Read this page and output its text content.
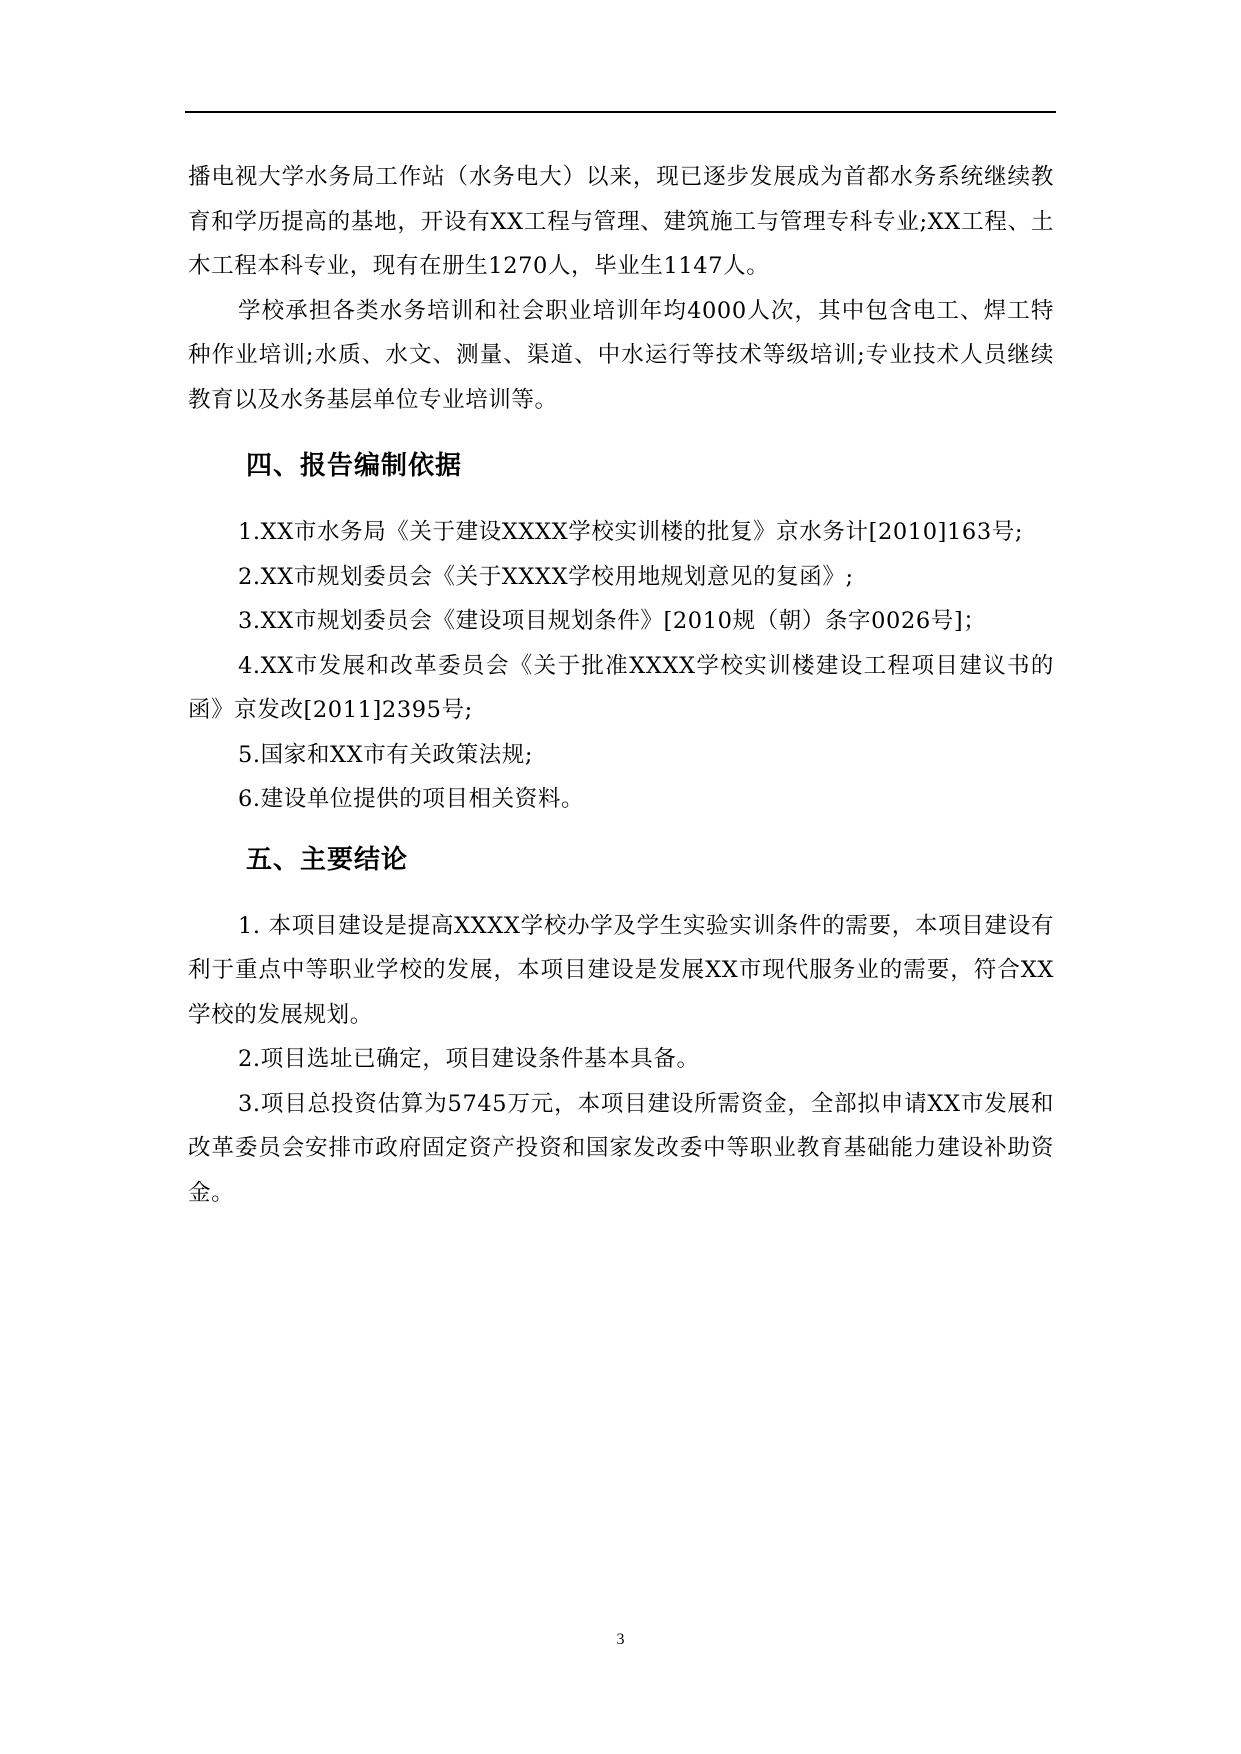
播电视大学水务局工作站（水务电大）以来，现已逐步发展成为首都水务系统继续教育和学历提高的基地，开设有XX工程与管理、建筑施工与管理专科专业;XX工程、土木工程本科专业，现有在册生1270人，毕业生1147人。

学校承担各类水务培训和社会职业培训年均4000人次，其中包含电工、焊工特种作业培训;水质、水文、测量、渠道、中水运行等技术等级培训;专业技术人员继续教育以及水务基层单位专业培训等。

四、报告编制依据

1.XX市水务局《关于建设XXXX学校实训楼的批复》京水务计[2010]163号;

2.XX市规划委员会《关于XXXX学校用地规划意见的复函》;

3.XX市规划委员会《建设项目规划条件》[2010规（朝）条字0026号]；

4.XX市发展和改革委员会《关于批准XXXX学校实训楼建设工程项目建议书的函》京发改[2011]2395号;

5.国家和XX市有关政策法规;

6.建设单位提供的项目相关资料。

五、主要结论

1. 本项目建设是提高XXXX学校办学及学生实验实训条件的需要，本项目建设有利于重点中等职业学校的发展，本项目建设是发展XX市现代服务业的需要，符合XX学校的发展规划。

2.项目选址已确定，项目建设条件基本具备。

3.项目总投资估算为5745万元，本项目建设所需资金，全部拟申请XX市发展和改革委员会安排市政府固定资产投资和国家发改委中等职业教育基础能力建设补助资金。

3
